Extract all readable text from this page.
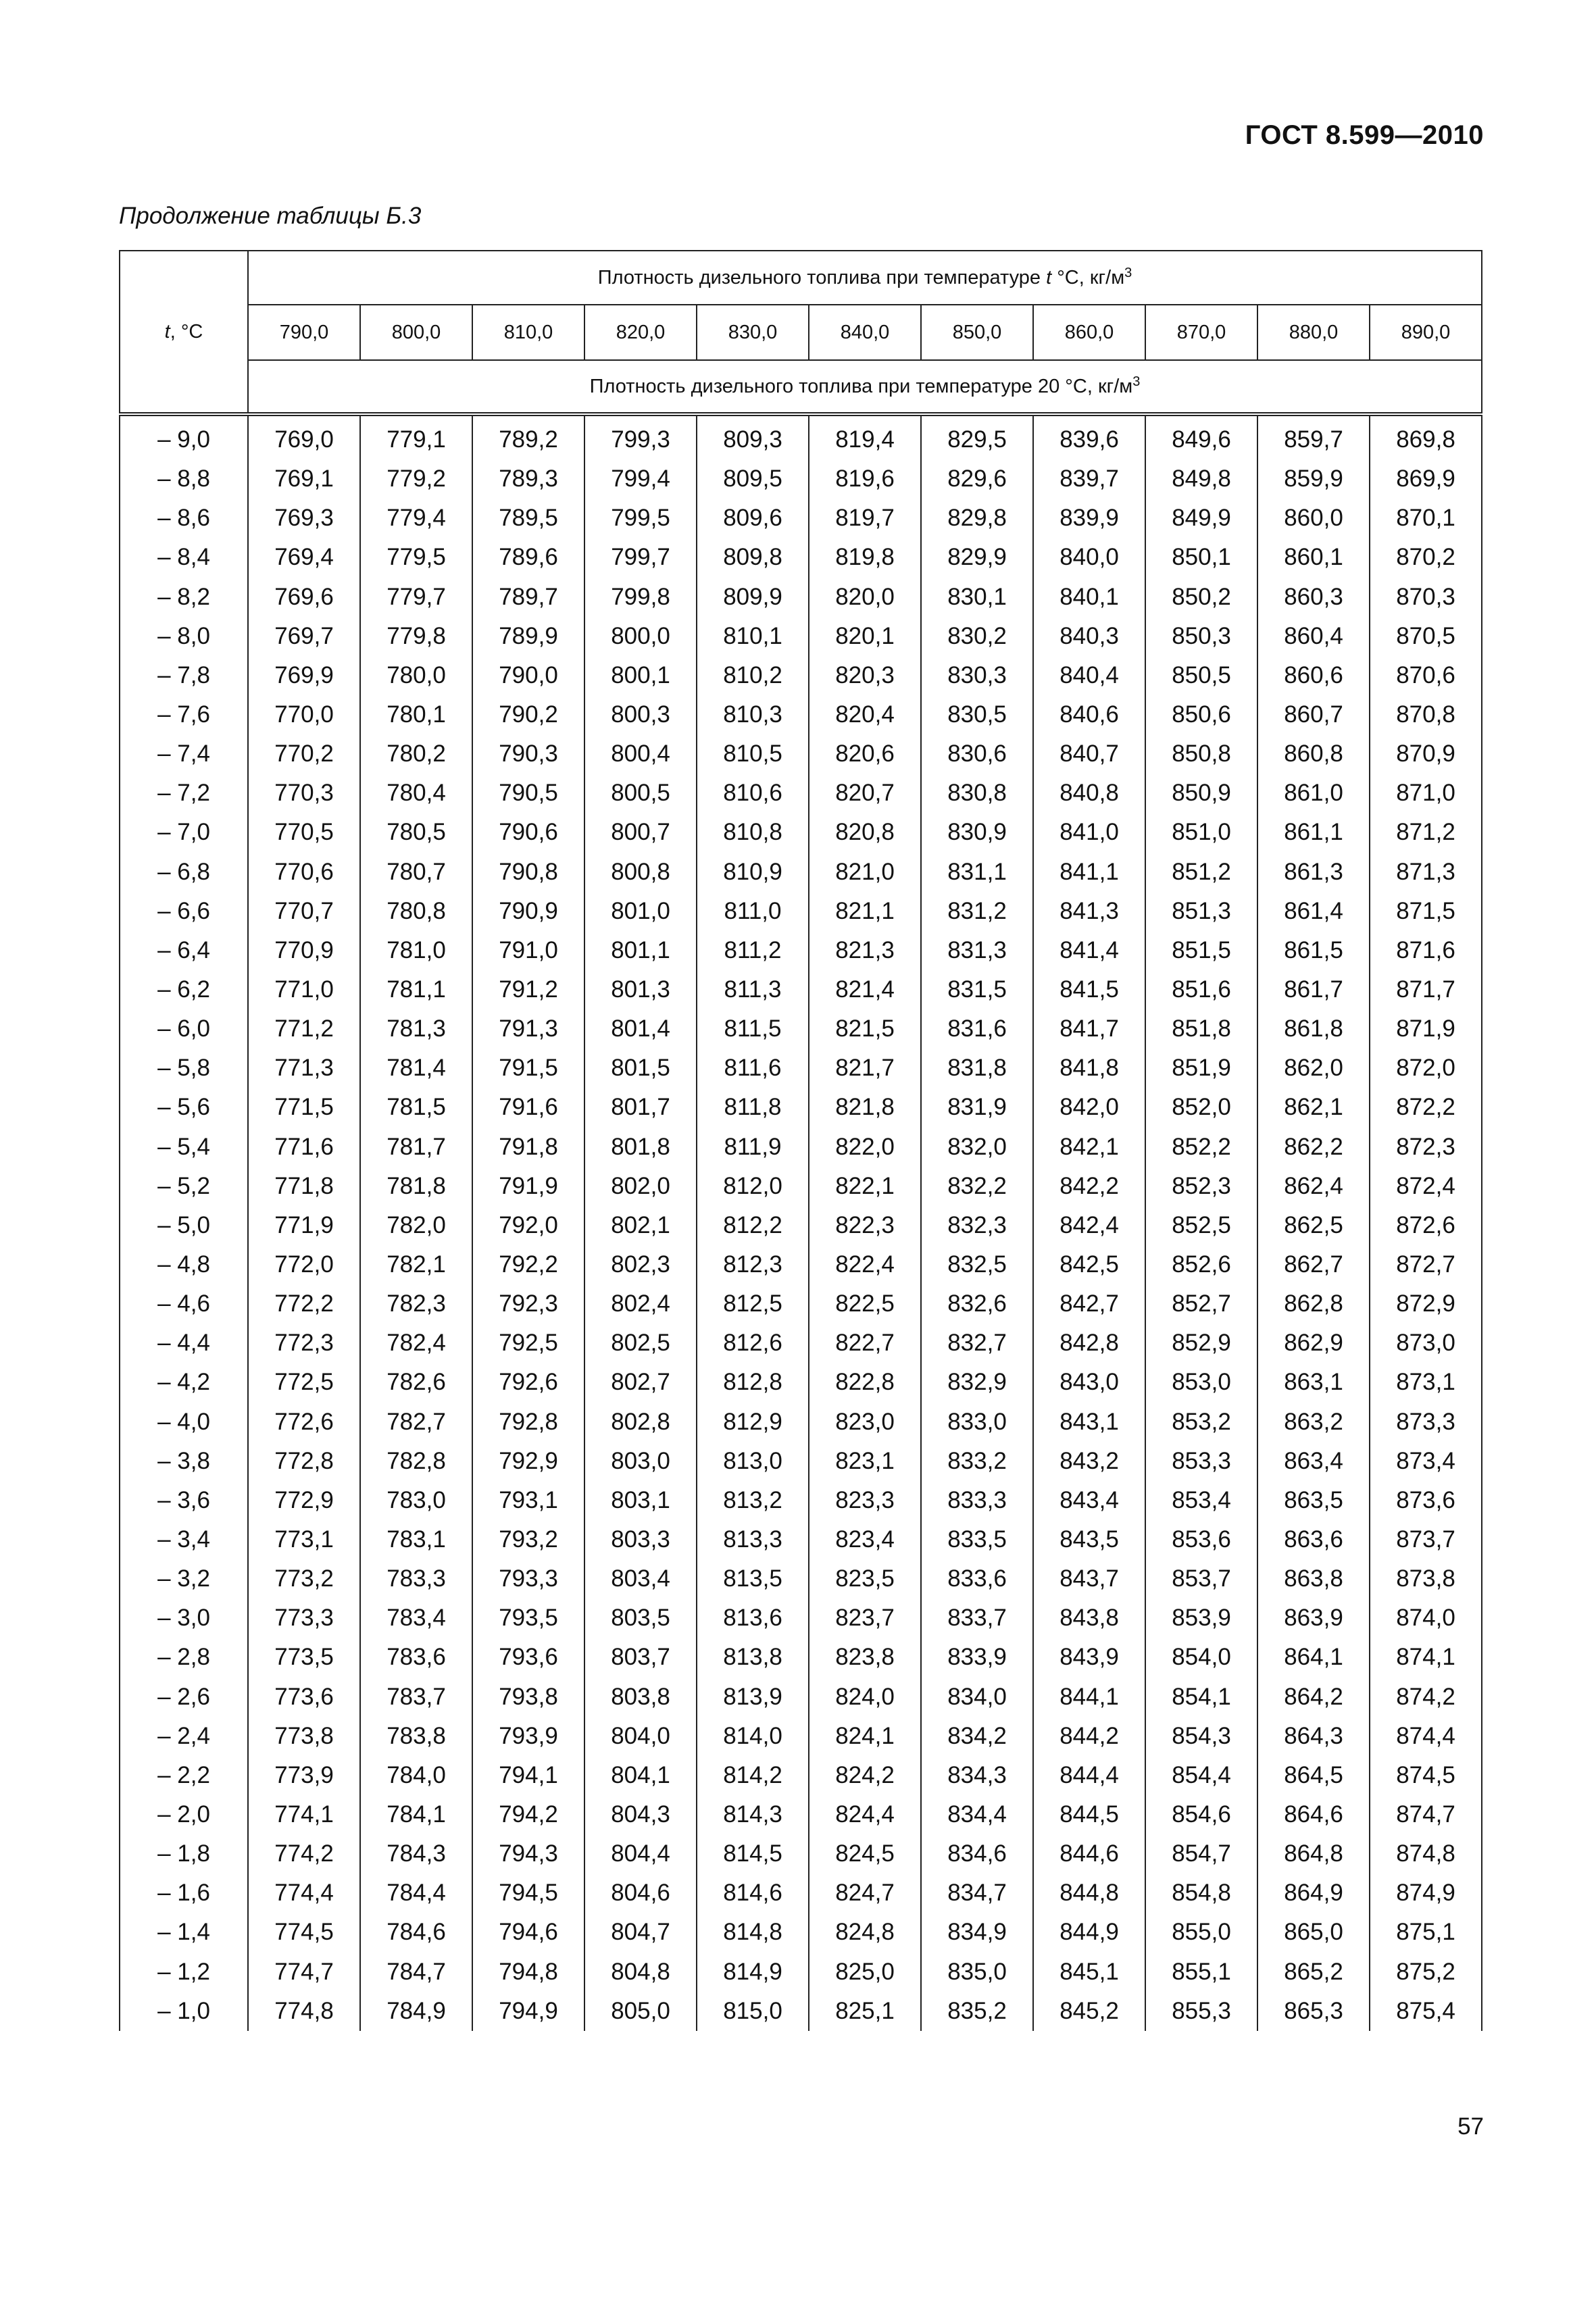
ГОСТ 8.599—2010
Продолжение таблицы Б.3
t, °С	Плотность дизельного топлива при температуре t °С, $кг/м^3$
	790,0	800,0	810,0	820,0	830,0	840,0	850,0	860,0	870,0	880,0	890,0
	Плотность дизельного топлива при температуре 20 °С, $кг/м^3$
– 9,0	769,0	779,1	789,2	799,3	809,3	819,4	829,5	839,6	849,6	859,7	869,8
– 8,8	769,1	779,2	789,3	799,4	809,5	819,6	829,6	839,7	849,8	859,9	869,9
– 8,6	769,3	779,4	789,5	799,5	809,6	819,7	829,8	839,9	849,9	860,0	870,1
– 8,4	769,4	779,5	789,6	799,7	809,8	819,8	829,9	840,0	850,1	860,1	870,2
– 8,2	769,6	779,7	789,7	799,8	809,9	820,0	830,1	840,1	850,2	860,3	870,3
– 8,0	769,7	779,8	789,9	800,0	810,1	820,1	830,2	840,3	850,3	860,4	870,5
– 7,8	769,9	780,0	790,0	800,1	810,2	820,3	830,3	840,4	850,5	860,6	870,6
– 7,6	770,0	780,1	790,2	800,3	810,3	820,4	830,5	840,6	850,6	860,7	870,8
– 7,4	770,2	780,2	790,3	800,4	810,5	820,6	830,6	840,7	850,8	860,8	870,9
– 7,2	770,3	780,4	790,5	800,5	810,6	820,7	830,8	840,8	850,9	861,0	871,0
– 7,0	770,5	780,5	790,6	800,7	810,8	820,8	830,9	841,0	851,0	861,1	871,2
– 6,8	770,6	780,7	790,8	800,8	810,9	821,0	831,1	841,1	851,2	861,3	871,3
– 6,6	770,7	780,8	790,9	801,0	811,0	821,1	831,2	841,3	851,3	861,4	871,5
– 6,4	770,9	781,0	791,0	801,1	811,2	821,3	831,3	841,4	851,5	861,5	871,6
– 6,2	771,0	781,1	791,2	801,3	811,3	821,4	831,5	841,5	851,6	861,7	871,7
– 6,0	771,2	781,3	791,3	801,4	811,5	821,5	831,6	841,7	851,8	861,8	871,9
– 5,8	771,3	781,4	791,5	801,5	811,6	821,7	831,8	841,8	851,9	862,0	872,0
– 5,6	771,5	781,5	791,6	801,7	811,8	821,8	831,9	842,0	852,0	862,1	872,2
– 5,4	771,6	781,7	791,8	801,8	811,9	822,0	832,0	842,1	852,2	862,2	872,3
– 5,2	771,8	781,8	791,9	802,0	812,0	822,1	832,2	842,2	852,3	862,4	872,4
– 5,0	771,9	782,0	792,0	802,1	812,2	822,3	832,3	842,4	852,5	862,5	872,6
– 4,8	772,0	782,1	792,2	802,3	812,3	822,4	832,5	842,5	852,6	862,7	872,7
– 4,6	772,2	782,3	792,3	802,4	812,5	822,5	832,6	842,7	852,7	862,8	872,9
– 4,4	772,3	782,4	792,5	802,5	812,6	822,7	832,7	842,8	852,9	862,9	873,0
– 4,2	772,5	782,6	792,6	802,7	812,8	822,8	832,9	843,0	853,0	863,1	873,1
– 4,0	772,6	782,7	792,8	802,8	812,9	823,0	833,0	843,1	853,2	863,2	873,3
– 3,8	772,8	782,8	792,9	803,0	813,0	823,1	833,2	843,2	853,3	863,4	873,4
– 3,6	772,9	783,0	793,1	803,1	813,2	823,3	833,3	843,4	853,4	863,5	873,6
– 3,4	773,1	783,1	793,2	803,3	813,3	823,4	833,5	843,5	853,6	863,6	873,7
– 3,2	773,2	783,3	793,3	803,4	813,5	823,5	833,6	843,7	853,7	863,8	873,8
– 3,0	773,3	783,4	793,5	803,5	813,6	823,7	833,7	843,8	853,9	863,9	874,0
– 2,8	773,5	783,6	793,6	803,7	813,8	823,8	833,9	843,9	854,0	864,1	874,1
– 2,6	773,6	783,7	793,8	803,8	813,9	824,0	834,0	844,1	854,1	864,2	874,2
– 2,4	773,8	783,8	793,9	804,0	814,0	824,1	834,2	844,2	854,3	864,3	874,4
– 2,2	773,9	784,0	794,1	804,1	814,2	824,2	834,3	844,4	854,4	864,5	874,5
– 2,0	774,1	784,1	794,2	804,3	814,3	824,4	834,4	844,5	854,6	864,6	874,7
– 1,8	774,2	784,3	794,3	804,4	814,5	824,5	834,6	844,6	854,7	864,8	874,8
– 1,6	774,4	784,4	794,5	804,6	814,6	824,7	834,7	844,8	854,8	864,9	874,9
– 1,4	774,5	784,6	794,6	804,7	814,8	824,8	834,9	844,9	855,0	865,0	875,1
– 1,2	774,7	784,7	794,8	804,8	814,9	825,0	835,0	845,1	855,1	865,2	875,2
– 1,0	774,8	784,9	794,9	805,0	815,0	825,1	835,2	845,2	855,3	865,3	875,4
57
